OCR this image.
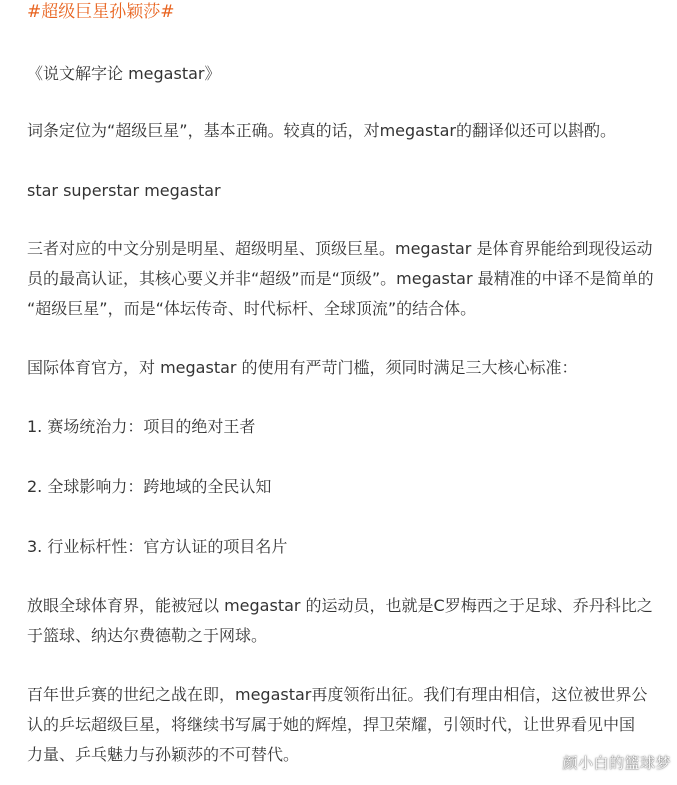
#超级巨星孙颖莎#

《说文解字论 megastar》

词条定位为“超级巨星”，基本正确。较真的话，对megastar的翻译似还可以斟酌。

star superstar megastar

三者对应的中文分别是明星、超级明星、顶级巨星。megastar 是体育界能给到现役运动
员的最高认证，其核心要义并非“超级”而是“顶级”。megastar 最精准的中译不是简单的
“超级巨星”，而是“体坛传奇、时代标杆、全球顶流”的结合体。

国际体育官方，对 megastar 的使用有严苛门槛，须同时满足三大核心标准：

1. 赛场统治力：项目的绝对王者

2. 全球影响力：跨地域的全民认知

3. 行业标杆性：官方认证的项目名片

放眼全球体育界，能被冠以 megastar 的运动员，也就是C罗梅西之于足球、乔丹科比之
于篮球、纳达尔费德勒之于网球。

百年世乒赛的世纪之战在即，megastar再度领衔出征。我们有理由相信，这位被世界公
认的乒坛超级巨星，将继续书写属于她的辉煌，捍卫荣耀，引领时代，让世界看见中国
力量、乒乓魅力与孙颖莎的不可替代。	颜小白的篮球梦
